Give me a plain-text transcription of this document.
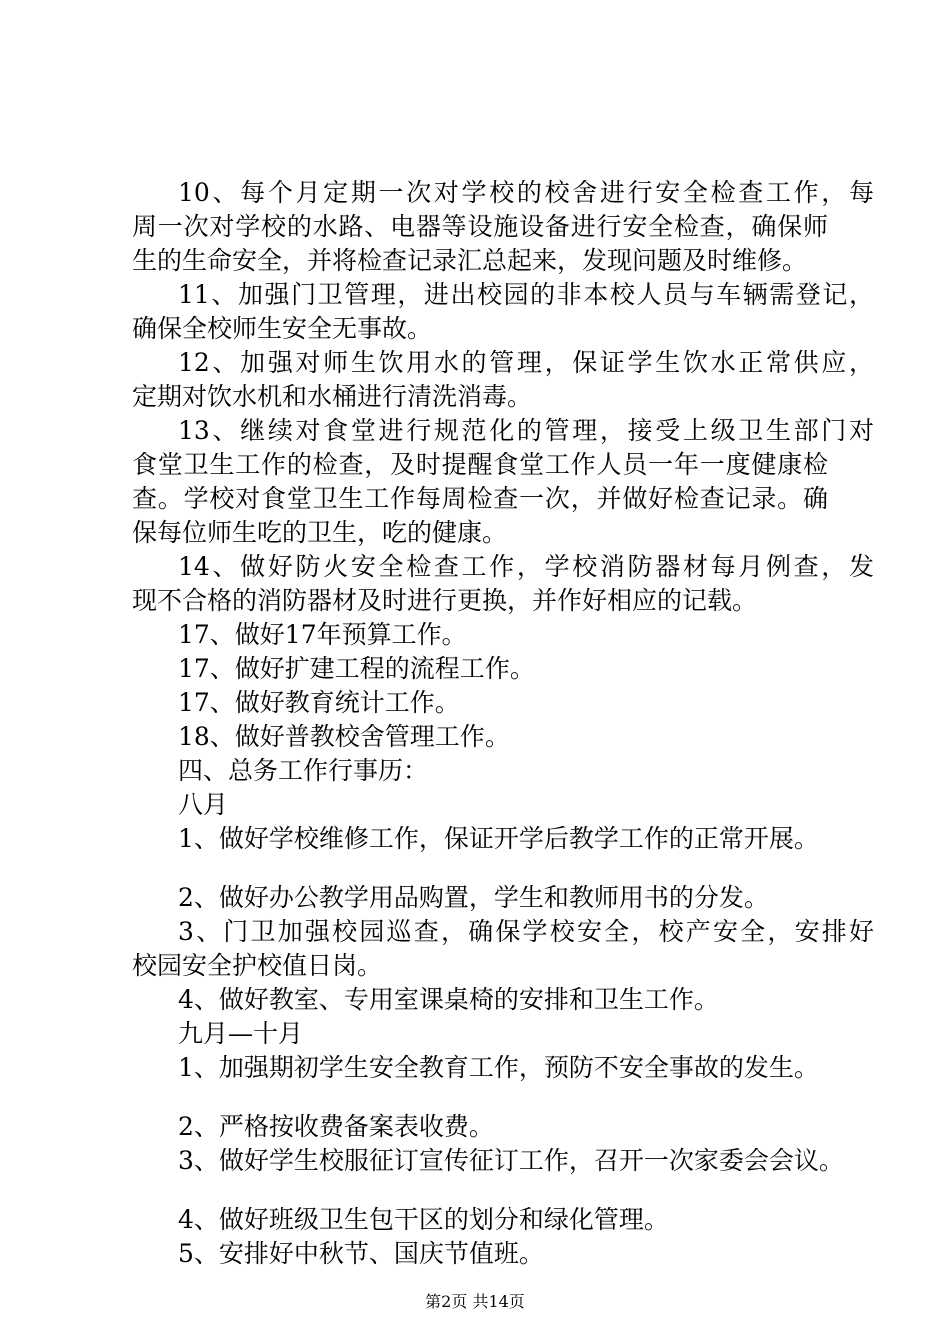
10、每个月定期一次对学校的校舍进行安全检查工作，每
周一次对学校的水路、电器等设施设备进行安全检查，确保师
生的生命安全，并将检查记录汇总起来，发现问题及时维修。
11、加强门卫管理，进出校园的非本校人员与车辆需登记，
确保全校师生安全无事故。
12、加强对师生饮用水的管理，保证学生饮水正常供应，
定期对饮水机和水桶进行清洗消毒。
13、继续对食堂进行规范化的管理，接受上级卫生部门对
食堂卫生工作的检查，及时提醒食堂工作人员一年一度健康检
查。学校对食堂卫生工作每周检查一次，并做好检查记录。确
保每位师生吃的卫生，吃的健康。
14、做好防火安全检查工作，学校消防器材每月例查，发
现不合格的消防器材及时进行更换，并作好相应的记载。
17、做好17年预算工作。
17、做好扩建工程的流程工作。
17、做好教育统计工作。
18、做好普教校舍管理工作。
四、总务工作行事历：
八月
1、做好学校维修工作，保证开学后教学工作的正常开展。
2、做好办公教学用品购置，学生和教师用书的分发。
3、门卫加强校园巡查，确保学校安全，校产安全，安排好
校园安全护校值日岗。
4、做好教室、专用室课桌椅的安排和卫生工作。
九月—十月
1、加强期初学生安全教育工作，预防不安全事故的发生。
2、严格按收费备案表收费。
3、做好学生校服征订宣传征订工作，召开一次家委会会议。
4、做好班级卫生包干区的划分和绿化管理。
5、安排好中秋节、国庆节值班。
第2页 共14页
